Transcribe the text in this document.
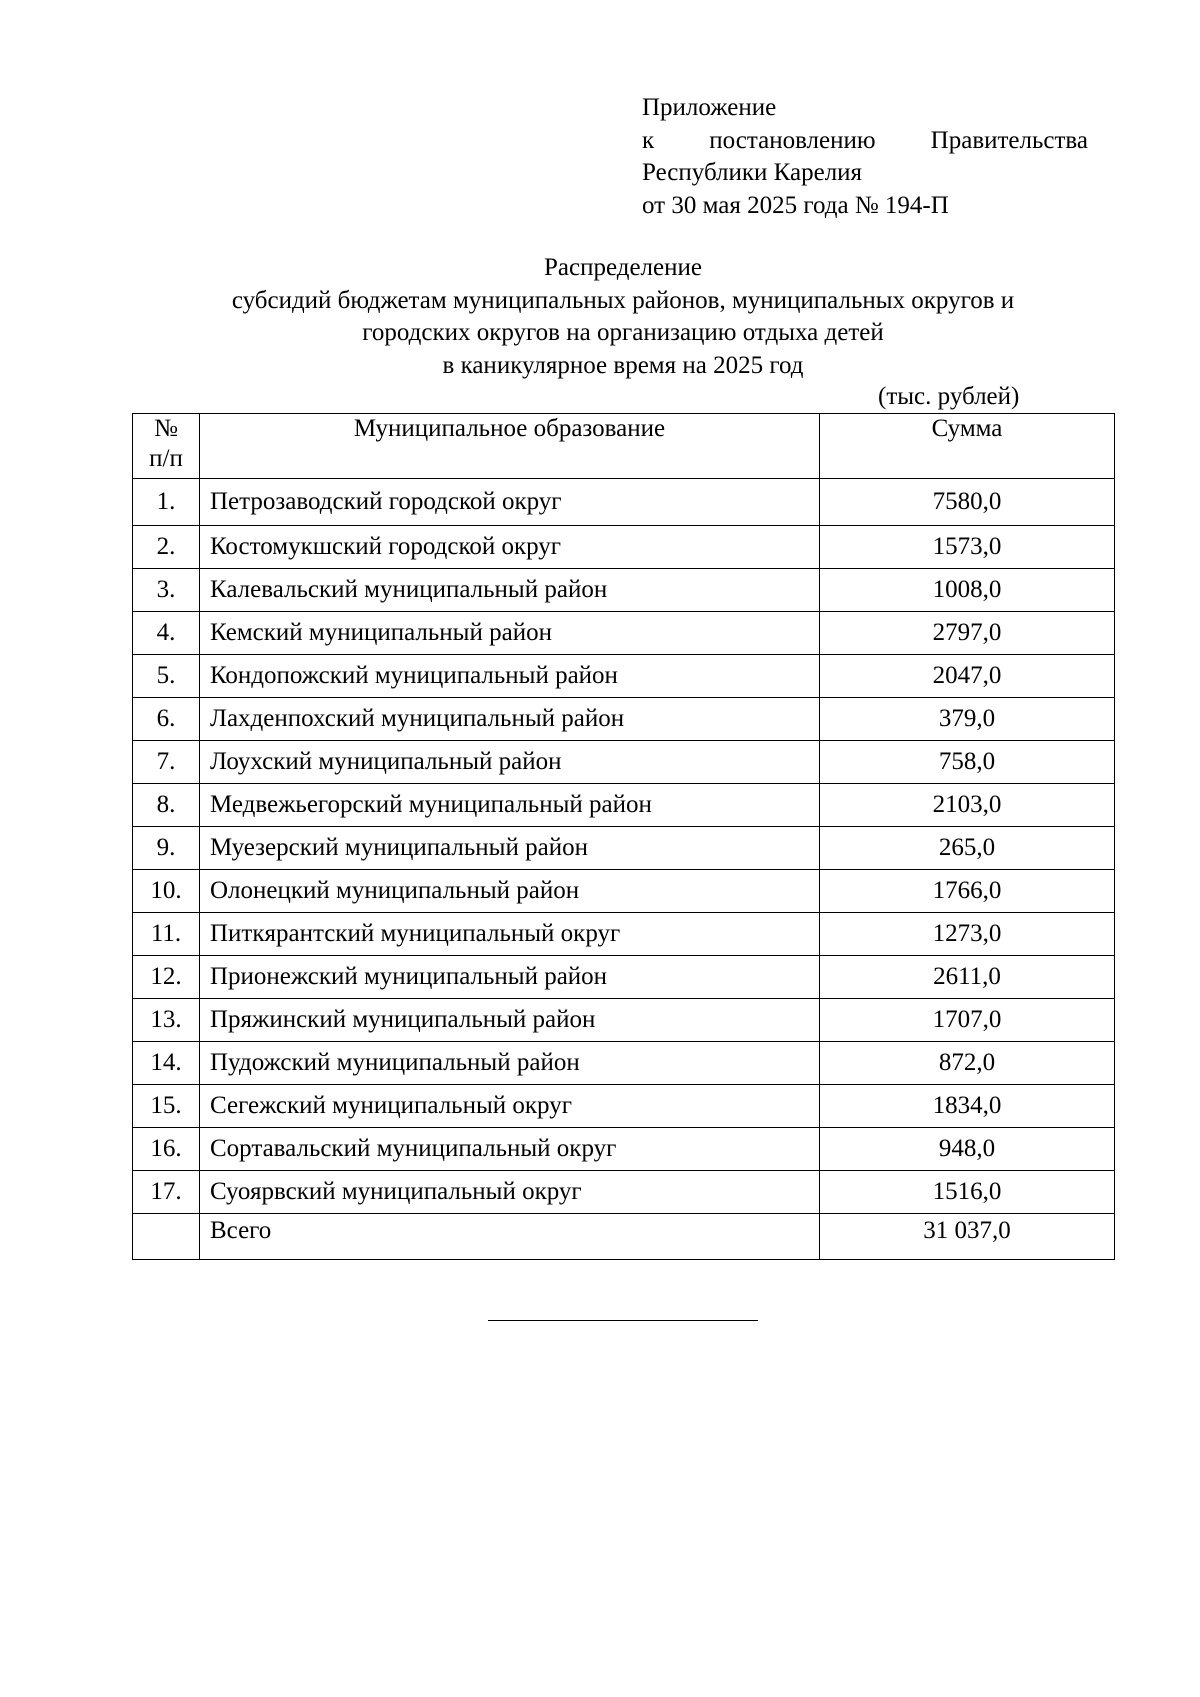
Приложение
к постановлению Правительства
Республики Карелия
от 30 мая 2025 года № 194-П
Распределение
субсидий бюджетам муниципальных районов, муниципальных округов и
городских округов на организацию отдыха детей
в каникулярное время на 2025 год
(тыс. рублей)
№
п/п	Муниципальное образование	Сумма
1.	Петрозаводский городской округ	7580,0
2.	Костомукшский городской округ	1573,0
3.	Калевальский муниципальный район	1008,0
4.	Кемский муниципальный район	2797,0
5.	Кондопожский муниципальный район	2047,0
6.	Лахденпохский муниципальный район	379,0
7.	Лоухский муниципальный район	758,0
8.	Медвежьегорский муниципальный район	2103,0
9.	Муезерский муниципальный район	265,0
10.	Олонецкий муниципальный район	1766,0
11.	Питкярантский муниципальный округ	1273,0
12.	Прионежский муниципальный район	2611,0
13.	Пряжинский муниципальный район	1707,0
14.	Пудожский муниципальный район	872,0
15.	Сегежский муниципальный округ	1834,0
16.	Сортавальский муниципальный округ	948,0
17.	Суоярвский муниципальный округ	1516,0
	Всего	31 037,0
